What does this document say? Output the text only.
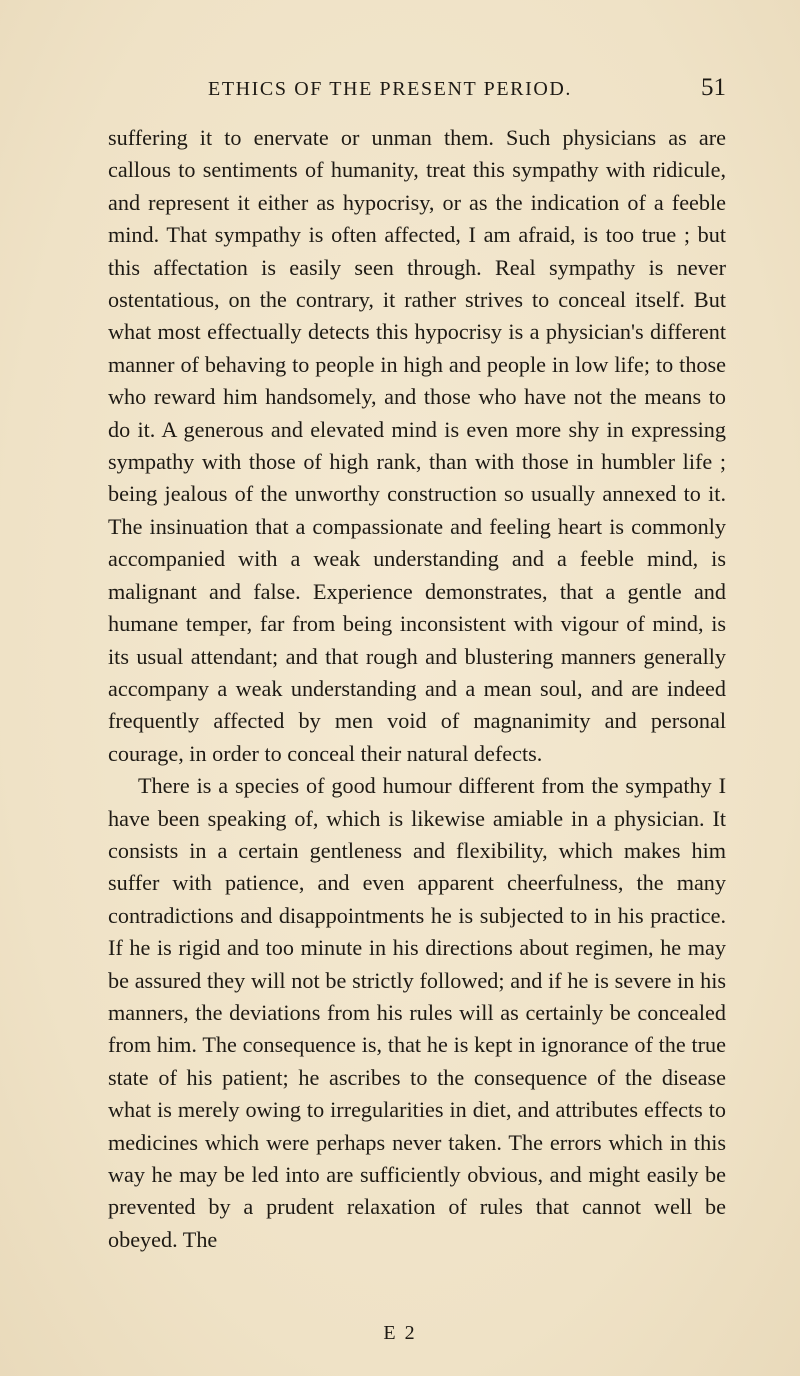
ETHICS OF THE PRESENT PERIOD.	51

suffering it to enervate or unman them. Such physicians as are callous to sentiments of humanity, treat this sympathy with ridicule, and represent it either as hypocrisy, or as the indication of a feeble mind. That sympathy is often affected, I am afraid, is too true ; but this affectation is easily seen through. Real sympathy is never ostentatious, on the contrary, it rather strives to conceal itself. But what most effectually detects this hypocrisy is a physician's different manner of behaving to people in high and people in low life; to those who reward him handsomely, and those who have not the means to do it. A generous and elevated mind is even more shy in expressing sympathy with those of high rank, than with those in humbler life ; being jealous of the unworthy construction so usually annexed to it. The insinuation that a compassionate and feeling heart is commonly accompanied with a weak understanding and a feeble mind, is malignant and false. Experience demonstrates, that a gentle and humane temper, far from being inconsistent with vigour of mind, is its usual attendant; and that rough and blustering manners generally accompany a weak understanding and a mean soul, and are indeed frequently affected by men void of magnanimity and personal courage, in order to conceal their natural defects.

There is a species of good humour different from the sympathy I have been speaking of, which is likewise amiable in a physician. It consists in a certain gentleness and flexibility, which makes him suffer with patience, and even apparent cheerfulness, the many contradictions and disappointments he is subjected to in his practice. If he is rigid and too minute in his directions about regimen, he may be assured they will not be strictly followed; and if he is severe in his manners, the deviations from his rules will as certainly be concealed from him. The consequence is, that he is kept in ignorance of the true state of his patient; he ascribes to the consequence of the disease what is merely owing to irregularities in diet, and attributes effects to medicines which were perhaps never taken. The errors which in this way he may be led into are sufficiently obvious, and might easily be prevented by a prudent relaxation of rules that cannot well be obeyed. The

E 2
